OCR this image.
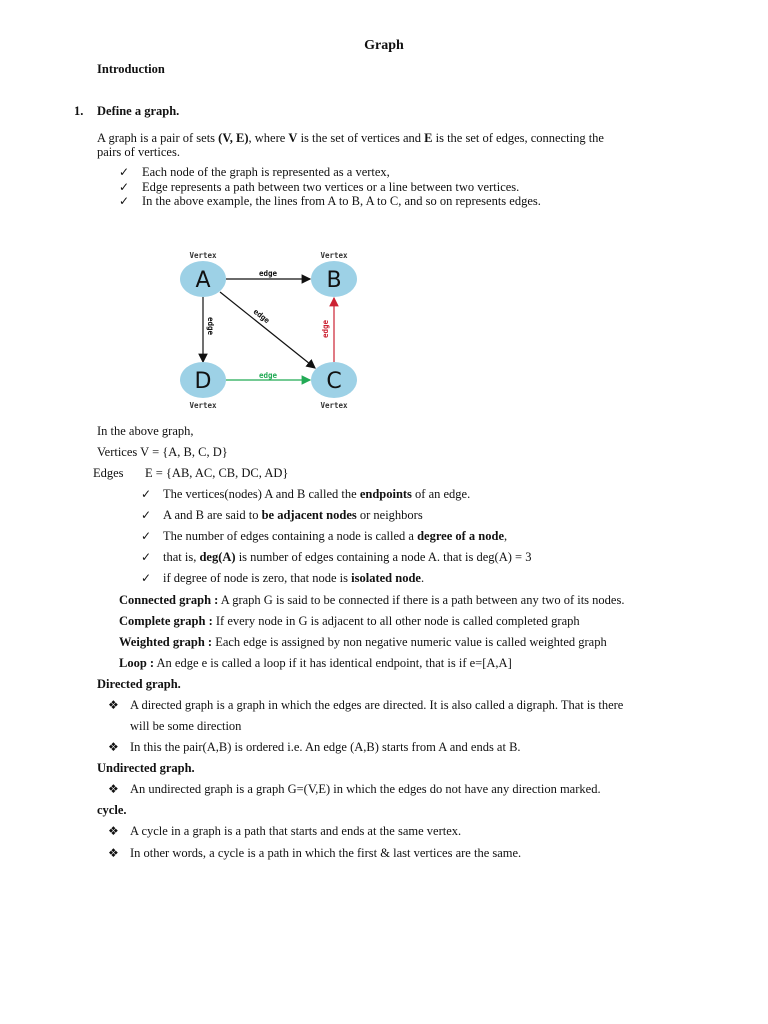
Graph
Introduction
1. Define a graph.
A graph is a pair of sets (V, E), where V is the set of vertices and E is the set of edges, connecting the
pairs of vertices.
✓ Each node of the graph is represented as a vertex,
✓ Edge represents a path between two vertices or a line between two vertices.
✓ In the above example, the lines from A to B, A to C, and so on represents edges.
Vertex	Vertex
Vertex	Vertex
edge
edge
edge	edge
edge
A	B
C
D
In the above graph,
Vertices V = {A, B, C, D}
Edges E = {AB, AC, CB, DC, AD}
✓ The vertices(nodes) A and B called the endpoints of an edge.
✓ A and B are said to be adjacent nodes or neighbors
✓ The number of edges containing a node is called a degree of a node,
✓ that is, deg(A) is number of edges containing a node A. that is deg(A) = 3
✓ if degree of node is zero, that node is isolated node.
Connected graph : A graph G is said to be connected if there is a path between any two of its nodes.
Complete graph : If every node in G is adjacent to all other node is called completed graph
Weighted graph : Each edge is assigned by non negative numeric value is called weighted graph
Loop : An edge e is called a loop if it has identical endpoint, that is if e=[A,A]
Directed graph.
❖ A directed graph is a graph in which the edges are directed. It is also called a digraph. That is there
will be some direction
❖ In this the pair(A,B) is ordered i.e. An edge (A,B) starts from A and ends at B.
Undirected graph.
❖ An undirected graph is a graph G=(V,E) in which the edges do not have any direction marked.
cycle.
❖ A cycle in a graph is a path that starts and ends at the same vertex.
❖ In other words, a cycle is a path in which the first & last vertices are the same.
